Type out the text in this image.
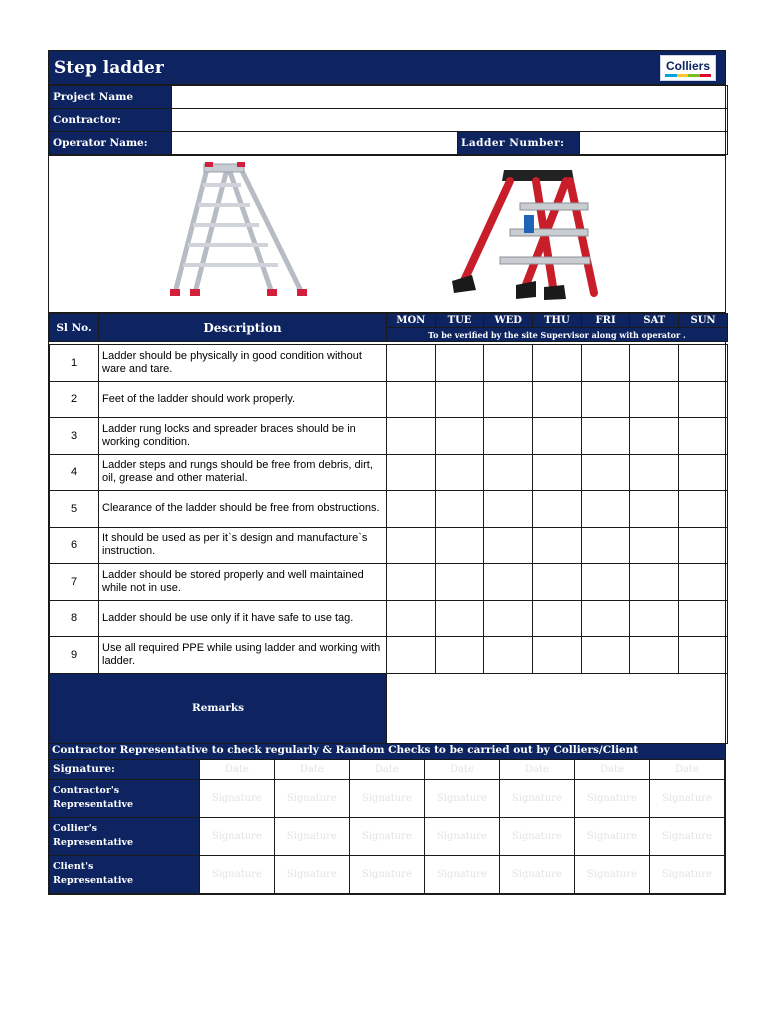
Step ladder	Colliers
Project Name			
Contractor:			
Operator Name:		Ladder Number:	
Sl No.	Description	MON	TUE	WED	THU	FRI	SAT	SUN
		To be verified by the site Supervisor along with operator .						

1	Ladder should be physically in good condition without ware and tare.							
2	Feet of the ladder should work properly.							
3	Ladder rung locks and spreader braces should be in working condition.							
4	Ladder steps and rungs should be free from debris, dirt, oil, grease and other material.							
5	Clearance of the ladder should be free from obstructions.							
6	It should be used as per it`s design and manufacture`s instruction.							
7	Ladder should be stored properly and well maintained while not in use.							
8	Ladder should be use only if it have safe to use tag.							
9	Use all required PPE while using ladder and working with ladder.							
Remarks								
Contractor Representative to check regularly & Random Checks to be carried out by Colliers/Client
Signature:	Date	Date	Date	Date	Date	Date	Date

Contractor's
Representative	Signature	Signature	Signature	Signature	Signature	Signature	Signature

Collier's
Representative	Signature	Signature	Signature	Signature	Signature	Signature	Signature

Client's
Representative	Signature	Signature	Signature	Signature	Signature	Signature	Signature
